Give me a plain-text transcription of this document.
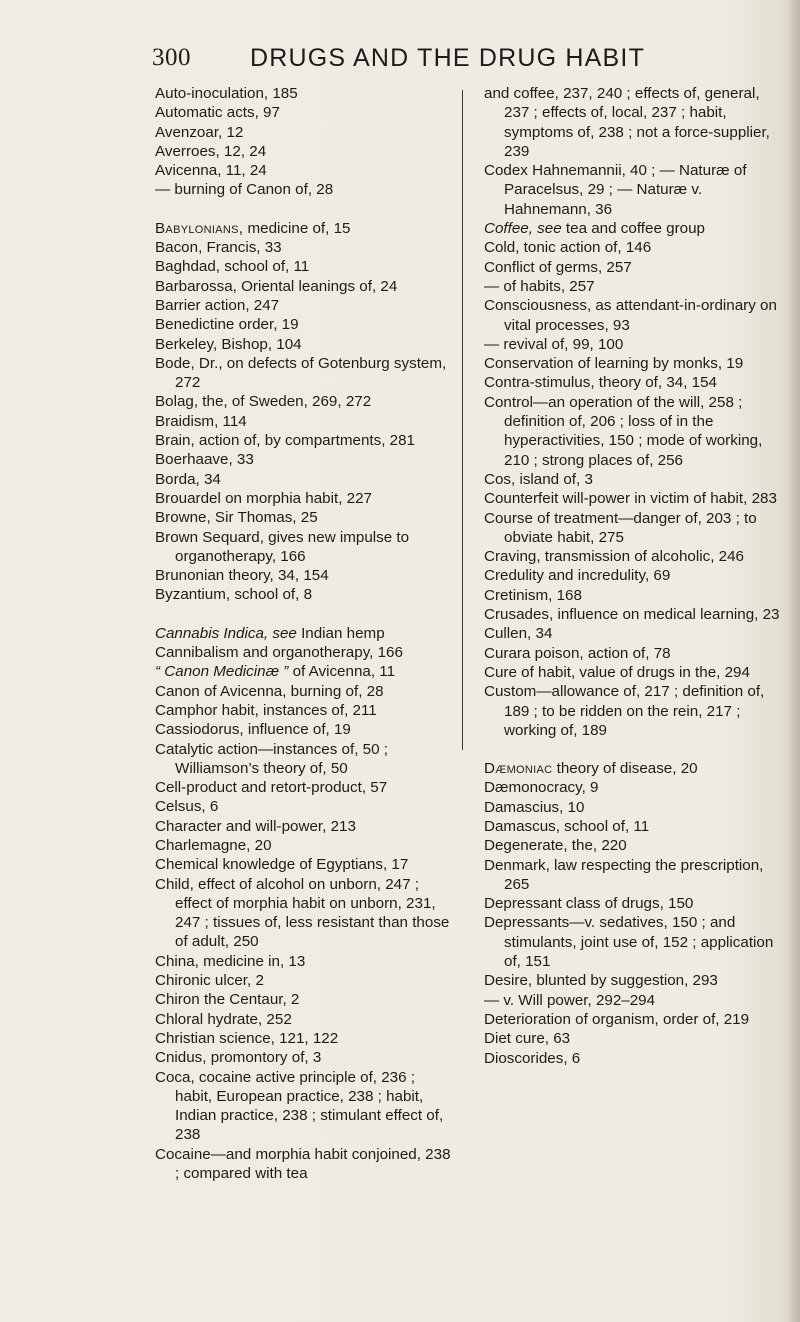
300 DRUGS AND THE DRUG HABIT
Auto-inoculation, 185
Automatic acts, 97
Avenzoar, 12
Averroes, 12, 24
Avicenna, 11, 24
— burning of Canon of, 28
Babylonians, medicine of, 15
Bacon, Francis, 33
Baghdad, school of, 11
Barbarossa, Oriental leanings of, 24
Barrier action, 247
Benedictine order, 19
Berkeley, Bishop, 104
Bode, Dr., on defects of Gotenburg system, 272
Bolag, the, of Sweden, 269, 272
Braidism, 114
Brain, action of, by compartments, 281
Boerhaave, 33
Borda, 34
Brouardel on morphia habit, 227
Browne, Sir Thomas, 25
Brown Sequard, gives new impulse to organotherapy, 166
Brunonian theory, 34, 154
Byzantium, school of, 8
Cannabis Indica, see Indian hemp
Cannibalism and organotherapy, 166
“ Canon Medicinæ ” of Avicenna, 11
Canon of Avicenna, burning of, 28
Camphor habit, instances of, 211
Cassiodorus, influence of, 19
Catalytic action—instances of, 50 ; Williamson’s theory of, 50
Cell-product and retort-product, 57
Celsus, 6
Character and will-power, 213
Charlemagne, 20
Chemical knowledge of Egyptians, 17
Child, effect of alcohol on unborn, 247 ; effect of morphia habit on unborn, 231, 247 ; tissues of, less resistant than those of adult, 250
China, medicine in, 13
Chironic ulcer, 2
Chiron the Centaur, 2
Chloral hydrate, 252
Christian science, 121, 122
Cnidus, promontory of, 3
Coca, cocaine active principle of, 236 ; habit, European practice, 238 ; habit, Indian practice, 238 ; stimulant effect of, 238
Cocaine—and morphia habit conjoined, 238 ; compared with tea
and coffee, 237, 240 ; effects of, general, 237 ; effects of, local, 237 ; habit, symptoms of, 238 ; not a force-supplier, 239
Codex Hahnemannii, 40 ; — Naturæ of Paracelsus, 29 ; — Naturæ v. Hahnemann, 36
Coffee, see tea and coffee group
Cold, tonic action of, 146
Conflict of germs, 257
— of habits, 257
Consciousness, as attendant-in-ordinary on vital processes, 93
— revival of, 99, 100
Conservation of learning by monks, 19
Contra-stimulus, theory of, 34, 154
Control—an operation of the will, 258 ; definition of, 206 ; loss of in the hyperactivities, 150 ; mode of working, 210 ; strong places of, 256
Cos, island of, 3
Counterfeit will-power in victim of habit, 283
Course of treatment—danger of, 203 ; to obviate habit, 275
Craving, transmission of alcoholic, 246
Credulity and incredulity, 69
Cretinism, 168
Crusades, influence on medical learning, 23
Cullen, 34
Curara poison, action of, 78
Cure of habit, value of drugs in the, 294
Custom—allowance of, 217 ; definition of, 189 ; to be ridden on the rein, 217 ; working of, 189
Dæmoniac theory of disease, 20
Dæmonocracy, 9
Damascius, 10
Damascus, school of, 11
Degenerate, the, 220
Denmark, law respecting the prescription, 265
Depressant class of drugs, 150
Depressants—v. sedatives, 150 ; and stimulants, joint use of, 152 ; application of, 151
Desire, blunted by suggestion, 293
— v. Will power, 292–294
Deterioration of organism, order of, 219
Diet cure, 63
Dioscorides, 6
